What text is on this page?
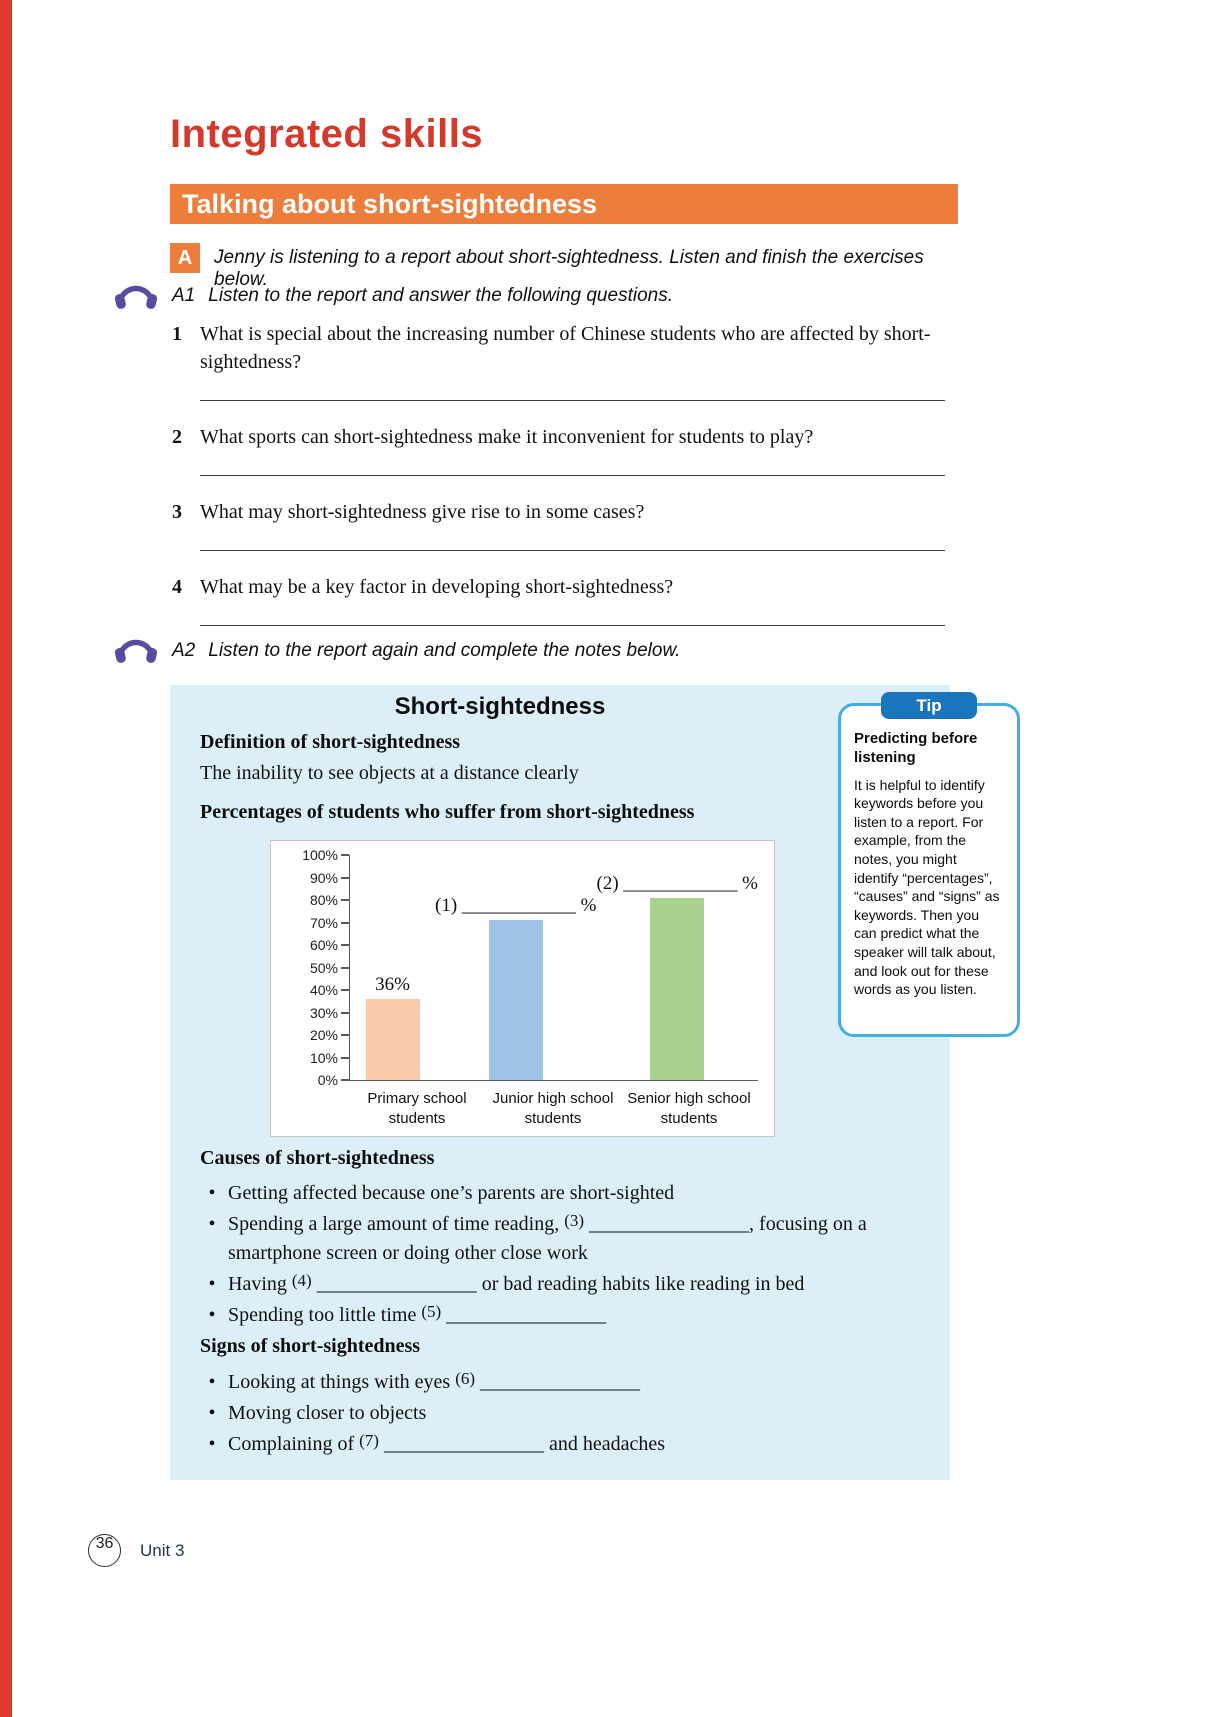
Integrated skills
Talking about short-sightedness
A	Jenny is listening to a report about short-sightedness. Listen and finish the exercises below.
A1 Listen to the report and answer the following questions.
1 What is special about the increasing number of Chinese students who are affected by short-sightedness?
2 What sports can short-sightedness make it inconvenient for students to play?
3 What may short-sightedness give rise to in some cases?
4 What may be a key factor in developing short-sightedness?
A2 Listen to the report again and complete the notes below.
Short-sightedness
Definition of short-sightedness
The inability to see objects at a distance clearly
Percentages of students who suffer from short-sightedness
100%
90%
80%
70%
60%
50%
40%
30%
20%
10%
0%
36%
(1) ____________ %
(2) ____________ %
Primary school students
Junior high school students
Senior high school students
Causes of short-sightedness
• Getting affected because one’s parents are short-sighted
• Spending a large amount of time reading, $^{(3)}$ ________________, focusing on a smartphone screen or doing other close work
• Having $^{(4)}$ ________________ or bad reading habits like reading in bed
• Spending too little time $^{(5)}$ ________________
Signs of short-sightedness
• Looking at things with eyes $^{(6)}$ ________________
• Moving closer to objects
• Complaining of $^{(7)}$ ________________ and headaches
Tip
Predicting before listening
It is helpful to identify keywords before you listen to a report. For example, from the notes, you might identify “percentages”, “causes” and “signs” as keywords. Then you can predict what the speaker will talk about, and look out for these words as you listen.
36	Unit 3
